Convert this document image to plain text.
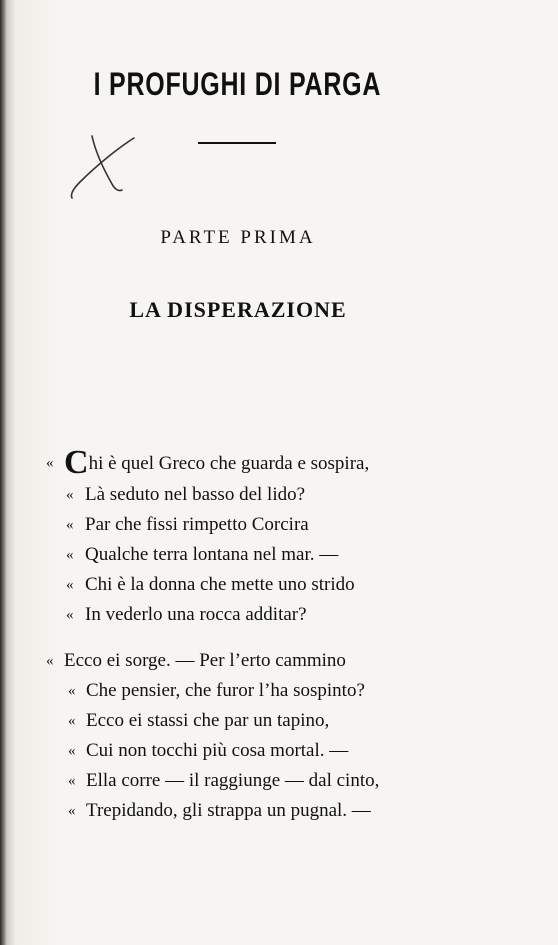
I PROFUGHI DI PARGA
PARTE PRIMA
LA DISPERAZIONE
« Chi è quel Greco che guarda e sospira,
« Là seduto nel basso del lido?
« Par che fissi rimpetto Corcira
« Qualche terra lontana nel mar. —
« Chi è la donna che mette uno strido
« In vederlo una rocca additar?
« Ecco ei sorge. — Per l’erto cammino
« Che pensier, che furor l’ha sospinto?
« Ecco ei stassi che par un tapino,
« Cui non tocchi più cosa mortal. —
« Ella corre — il raggiunge — dal cinto,
« Trepidando, gli strappa un pugnal. —
